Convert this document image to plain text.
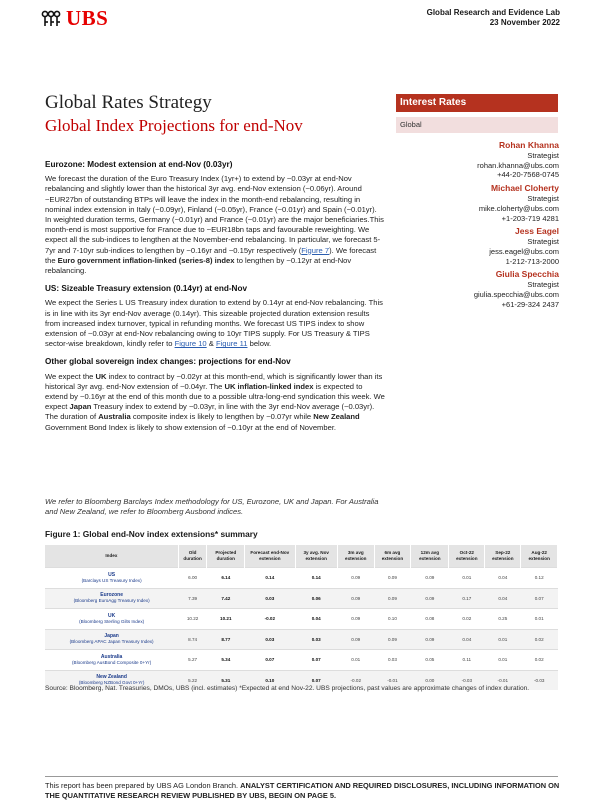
UBS	Global Research and Evidence Lab
23 November 2022
Global Rates Strategy
Global Index Projections for end-Nov
Interest Rates
Global
Rohan Khanna
Strategist
rohan.khanna@ubs.com
+44-20-7568-0745
Michael Cloherty
Strategist
mike.cloherty@ubs.com
+1-203-719 4281
Jess Eagel
Strategist
jess.eagel@ubs.com
1-212-713-2000
Giulia Specchia
Strategist
giulia.specchia@ubs.com
+61-29-324 2437
Eurozone: Modest extension at end-Nov (0.03yr)

We forecast the duration of the Euro Treasury Index (1yr+) to extend by ~0.03yr at end-Nov rebalancing and slightly lower than the historical 3yr avg. end-Nov extension (~0.06yr). Around ~EUR27bn of outstanding BTPs will leave the index in the month-end rebalancing, resulting in nominal index extension in Italy (~0.09yr), Finland (~0.05yr), France (~0.01yr) and Spain (~0.01yr). In weighted duration terms, Germany (~0.01yr) and France (~0.01yr) are the major beneficiaries.This month-end is most supportive for France due to ~EUR18bn taps and favourable reweighting. We expect all the sub-indices to lengthen at the November-end rebalancing. In particular, we forecast 5-7yr and 7-10yr sub-indices to lengthen by ~0.16yr and ~0.15yr respectively (Figure 7). We forecast the Euro government inflation-linked (series-8) index to lengthen by ~0.12yr at end-Nov rebalancing.

US: Sizeable Treasury extension (0.14yr) at end-Nov

We expect the Series L US Treasury index duration to extend by 0.14yr at end-Nov rebalancing. This is in line with its 3yr end-Nov average (0.14yr). This sizeable projected duration extension results from increased index turnover, typical in refunding months. We forecast US TIPS index to show extension of ~0.03yr at end-Nov rebalancing owing to 10yr TIPS supply. For US Treasury & TIPS sector-wise breakdown, kindly refer to Figure 10 & Figure 11 below.

Other global sovereign index changes: projections for end-Nov

We expect the UK index to contract by ~0.02yr at this month-end, which is significantly lower than its historical 3yr avg. end-Nov extension of ~0.04yr. The UK inflation-linked index is expected to extend by ~0.16yr at the end of this month due to a possible ultra-long-end syndication this week. We expect Japan Treasury index to extend by ~0.03yr, in line with the 3yr end-Nov average (~0.03yr). The duration of Australia composite index is likely to lengthen by ~0.07yr while New Zealand Government Bond Index is likely to show extension of ~0.10yr at the end of November.

We refer to Bloomberg Barclays Index methodology for US, Eurozone, UK and Japan. For Australia and New Zealand, we refer to Bloomberg Ausbond indices.
Figure 1: Global end-Nov index extensions* summary
Index	Old duration	Projected duration	Forecast end-Nov extension	3y avg. Nov extension	3m avg extension	6m avg extension	12m avg extension	Oct-22 extension	Sep-22 extension	Aug-22 extension
US
(Barclays US Treasury Index)	6.00	6.14	0.14	0.14	0.09	0.09	0.09	0.01	0.04	0.12
Eurozone
(Bloomberg EuroAgg Treasury Index)	7.39	7.42	0.03	0.06	0.09	0.09	0.09	0.17	0.04	0.07
UK
(Bloomberg Sterling Gilts Index)	10.22	10.21	-0.02	0.04	0.09	0.10	0.08	0.02	0.25	0.01
Japan
(Bloomberg APAC Japan Treasury Index)	8.74	8.77	0.03	0.03	0.09	0.09	0.09	0.04	0.01	0.02
Australia
(Bloomberg AusBond Composite 0+Yr)	5.27	5.34	0.07	0.07	0.01	0.03	0.05	0.11	0.01	0.02
New Zealand
(Bloomberg NZBond Govt 0+Yr)	5.22	5.31	0.10	0.07	-0.02	-0.01	0.00	-0.03	-0.01	-0.03
Source: Bloomberg, Nat. Treasuries, DMOs, UBS (incl. estimates) *Expected at end Nov-22. UBS projections, past values are approximate changes of index duration.
This report has been prepared by UBS AG London Branch. ANALYST CERTIFICATION AND REQUIRED DISCLOSURES, INCLUDING INFORMATION ON THE QUANTITATIVE RESEARCH REVIEW PUBLISHED BY UBS, BEGIN ON PAGE 5.
